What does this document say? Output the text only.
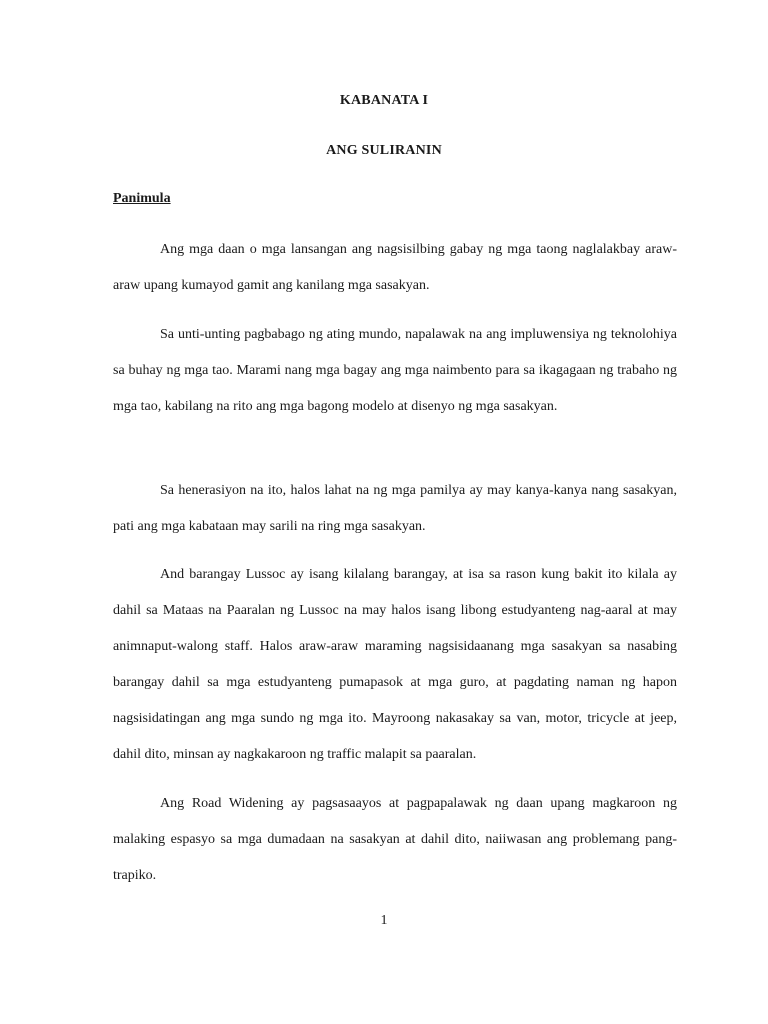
KABANATA I
ANG SULIRANIN
Panimula

Ang mga daan o mga lansangan ang nagsisilbing gabay ng mga taong naglalakbay araw-araw upang kumayod gamit ang kanilang mga sasakyan.

Sa unti-unting pagbabago ng ating mundo, napalawak na ang impluwensiya ng teknolohiya sa buhay ng mga tao. Marami nang mga bagay ang mga naimbento para sa ikagagaan ng trabaho ng mga tao, kabilang na rito ang mga bagong modelo at disenyo ng mga sasakyan.

Sa henerasiyon na ito, halos lahat na ng mga pamilya ay may kanya-kanya nang sasakyan, pati ang mga kabataan may sarili na ring mga sasakyan.

And barangay Lussoc ay isang kilalang barangay, at isa sa rason kung bakit ito kilala ay dahil sa Mataas na Paaralan ng Lussoc na may halos isang libong estudyanteng nag-aaral at may animnaput-walong staff. Halos araw-araw maraming nagsisidaanang mga sasakyan sa nasabing barangay dahil sa mga estudyanteng pumapasok at mga guro, at pagdating naman ng hapon nagsisidatingan ang mga sundo ng mga ito. Mayroong nakasakay sa van, motor, tricycle at jeep, dahil dito, minsan ay nagkakaroon ng traffic malapit sa paaralan.

Ang Road Widening ay pagsasaayos at pagpapalawak ng daan upang magkaroon ng malaking espasyo sa mga dumadaan na sasakyan at dahil dito, naiiwasan ang problemang pang-trapiko.

1
